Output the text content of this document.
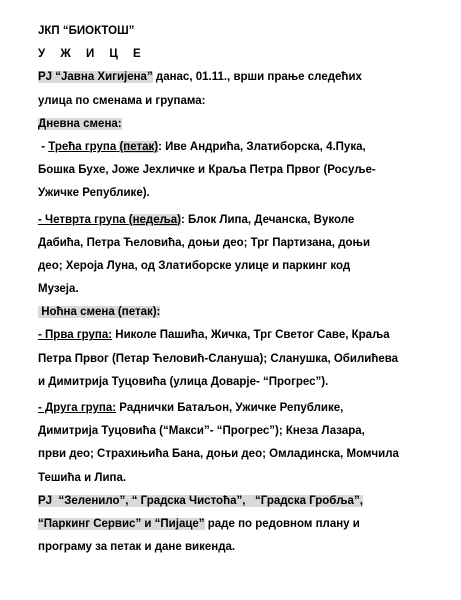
ЈКП “БИОКТОШ”
У Ж И Ц Е
РЈ “Јавна Хигијена” данас, 01.11., врши прање следећих
улица по сменама и групама:
Дневна смена:
- Трећа група (петак): Иве Андрића, Златиборска, 4.Пука,
Бошка Бухе, Јоже Јехличке и Краља Петра Првог (Росуље-
Ужичке Републике).
- Четврта група (недеља): Блок Липа, Дечанска, Вуколе
Дабића, Петра Ћеловића, доњи део; Трг Партизана, доњи
део; Хероја Луна, од Златиборске улице и паркинг код
Музеја.
Ноћна смена (петак):
- Прва група: Николе Пашића, Жичка, Трг Светог Саве, Краља
Петра Првог (Петар Ћеловић-Слануша); Сланушка, Обилићева
и Димитрија Туцовића (улица Доварје- “Прогрес”).
- Друга група: Раднички Батаљон, Ужичке Републике,
Димитрија Туцовића (“Макси”- “Прогрес”); Кнеза Лазара,
први део; Страхињића Бана, доњи део; Омладинска, Момчила
Тешића и Липа.
РЈ  “Зеленило”, “ Градска Чистоћа”,   “Градска Гробља”,
“Паркинг Сервис” и “Пијаце” раде по редовном плану и
програму за петак и дане викенда.
